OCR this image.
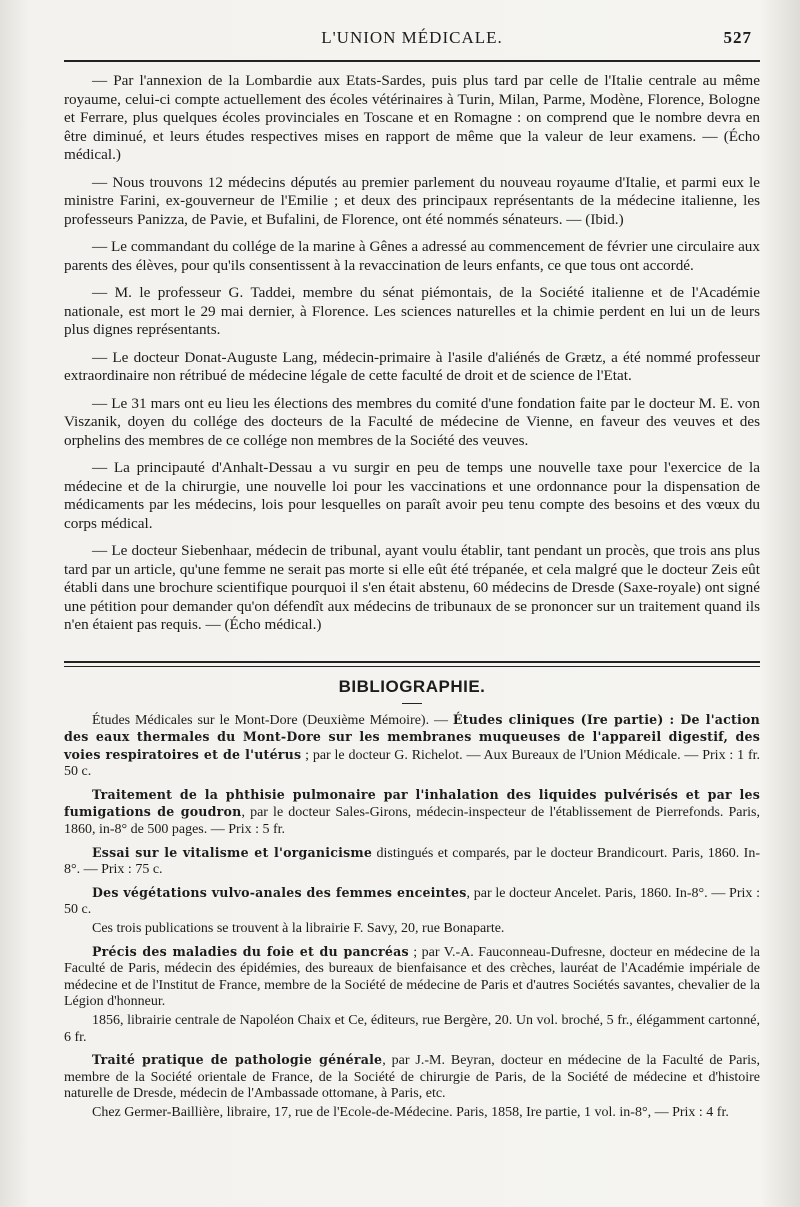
L'UNION MÉDICALE.	527

— Par l'annexion de la Lombardie aux Etats-Sardes, puis plus tard par celle de l'Italie centrale au même royaume, celui-ci compte actuellement des écoles vétérinaires à Turin, Milan, Parme, Modène, Florence, Bologne et Ferrare, plus quelques écoles provinciales en Toscane et en Romagne : on comprend que le nombre devra en être diminué, et leurs études respectives mises en rapport de même que la valeur de leur examens. — (Écho médical.)

— Nous trouvons 12 médecins députés au premier parlement du nouveau royaume d'Italie, et parmi eux le ministre Farini, ex-gouverneur de l'Emilie ; et deux des principaux représentants de la médecine italienne, les professeurs Panizza, de Pavie, et Bufalini, de Florence, ont été nommés sénateurs. — (Ibid.)

— Le commandant du collége de la marine à Gênes a adressé au commencement de février une circulaire aux parents des élèves, pour qu'ils consentissent à la revaccination de leurs enfants, ce que tous ont accordé.

— M. le professeur G. Taddei, membre du sénat piémontais, de la Société italienne et de l'Académie nationale, est mort le 29 mai dernier, à Florence. Les sciences naturelles et la chimie perdent en lui un de leurs plus dignes représentants.

— Le docteur Donat-Auguste Lang, médecin-primaire à l'asile d'aliénés de Grætz, a été nommé professeur extraordinaire non rétribué de médecine légale de cette faculté de droit et de science de l'Etat.

— Le 31 mars ont eu lieu les élections des membres du comité d'une fondation faite par le docteur M. E. von Viszanik, doyen du collége des docteurs de la Faculté de médecine de Vienne, en faveur des veuves et des orphelins des membres de ce collége non membres de la Société des veuves.

— La principauté d'Anhalt-Dessau a vu surgir en peu de temps une nouvelle taxe pour l'exercice de la médecine et de la chirurgie, une nouvelle loi pour les vaccinations et une ordonnance pour la dispensation de médicaments par les médecins, lois pour lesquelles on paraît avoir peu tenu compte des besoins et des vœux du corps médical.

— Le docteur Siebenhaar, médecin de tribunal, ayant voulu établir, tant pendant un procès, que trois ans plus tard par un article, qu'une femme ne serait pas morte si elle eût été trépanée, et cela malgré que le docteur Zeis eût établi dans une brochure scientifique pourquoi il s'en était abstenu, 60 médecins de Dresde (Saxe-royale) ont signé une pétition pour demander qu'on défendît aux médecins de tribunaux de se prononcer sur un traitement quand ils n'en étaient pas requis. — (Écho médical.)

BIBLIOGRAPHIE.

Études Médicales sur le Mont-Dore (Deuxième Mémoire). — Études cliniques (Ire partie) : De l'action des eaux thermales du Mont-Dore sur les membranes muqueuses de l'appareil digestif, des voies respiratoires et de l'utérus ; par le docteur G. Richelot. — Aux Bureaux de l'Union Médicale. — Prix : 1 fr. 50 c.

Traitement de la phthisie pulmonaire par l'inhalation des liquides pulvérisés et par les fumigations de goudron, par le docteur Sales-Girons, médecin-inspecteur de l'établissement de Pierrefonds. Paris, 1860, in-8° de 500 pages. — Prix : 5 fr.

Essai sur le vitalisme et l'organicisme distingués et comparés, par le docteur Brandicourt. Paris, 1860. In-8°. — Prix : 75 c.

Des végétations vulvo-anales des femmes enceintes, par le docteur Ancelet. Paris, 1860. In-8°. — Prix : 50 c.

Ces trois publications se trouvent à la librairie F. Savy, 20, rue Bonaparte.

Précis des maladies du foie et du pancréas ; par V.-A. Fauconneau-Dufresne, docteur en médecine de la Faculté de Paris, médecin des épidémies, des bureaux de bienfaisance et des crèches, lauréat de l'Académie impériale de médecine et de l'Institut de France, membre de la Société de médecine de Paris et d'autres Sociétés savantes, chevalier de la Légion d'honneur.

1856, librairie centrale de Napoléon Chaix et Ce, éditeurs, rue Bergère, 20. Un vol. broché, 5 fr., élégamment cartonné, 6 fr.

Traité pratique de pathologie générale, par J.-M. Beyran, docteur en médecine de la Faculté de Paris, membre de la Société orientale de France, de la Société de chirurgie de Paris, de la Société de médecine et d'histoire naturelle de Dresde, médecin de l'Ambassade ottomane, à Paris, etc.

Chez Germer-Baillière, libraire, 17, rue de l'Ecole-de-Médecine. Paris, 1858, Ire partie, 1 vol. in-8°, — Prix : 4 fr.
